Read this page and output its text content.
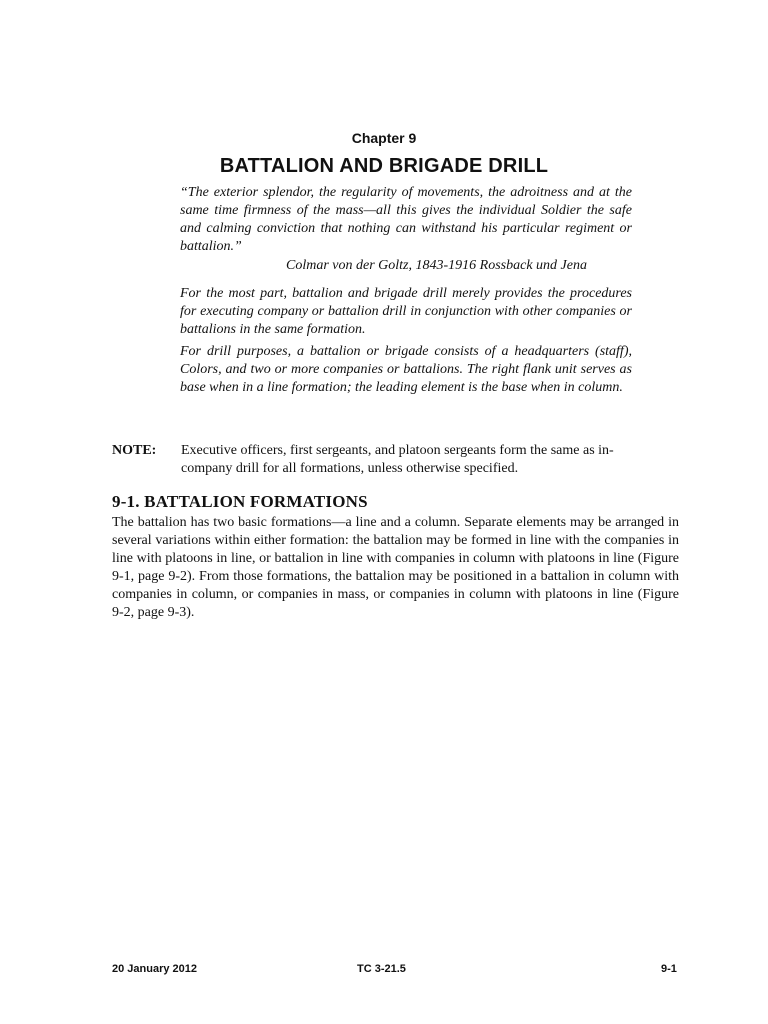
Chapter 9
BATTALION AND BRIGADE DRILL

“The exterior splendor, the regularity of movements, the adroitness and at the same time firmness of the mass—all this gives the individual Soldier the safe and calming conviction that nothing can withstand his particular regiment or battalion.”

Colmar von der Goltz, 1843-1916 Rossback und Jena

For the most part, battalion and brigade drill merely provides the procedures for executing company or battalion drill in conjunction with other companies or battalions in the same formation.

For drill purposes, a battalion or brigade consists of a headquarters (staff), Colors, and two or more companies or battalions. The right flank unit serves as base when in a line formation; the leading element is the base when in column.

NOTE:	Executive officers, first sergeants, and platoon sergeants form the same as in-company drill for all formations, unless otherwise specified.
9-1. BATTALION FORMATIONS

The battalion has two basic formations—a line and a column. Separate elements may be arranged in several variations within either formation: the battalion may be formed in line with the companies in line with platoons in line, or battalion in line with companies in column with platoons in line (Figure 9-1, page 9-2). From those formations, the battalion may be positioned in a battalion in column with companies in column, or companies in mass, or companies in column with platoons in line (Figure 9-2, page 9-3).

20 January 2012	TC 3-21.5	9-1
